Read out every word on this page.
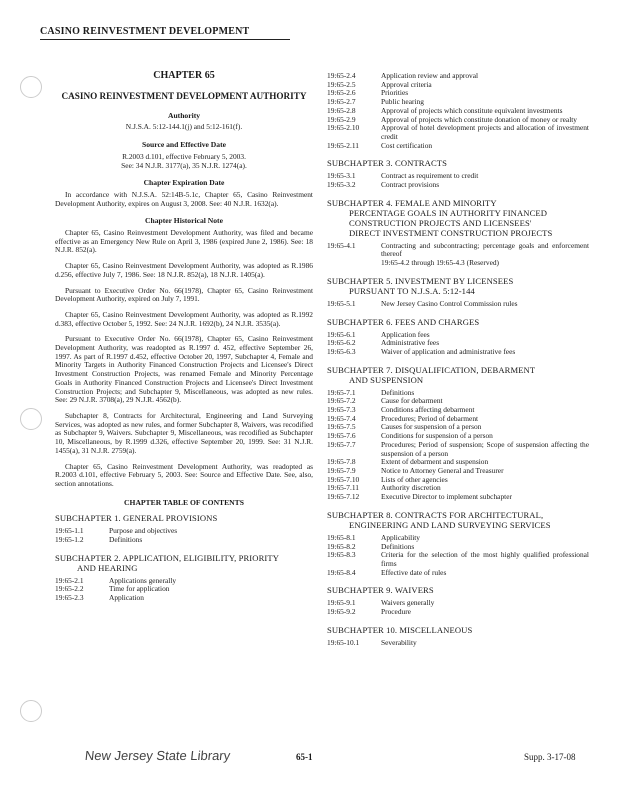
CASINO REINVESTMENT DEVELOPMENT
CHAPTER 65
CASINO REINVESTMENT DEVELOPMENT AUTHORITY
Authority
N.J.S.A. 5:12-144.1(j) and 5:12-161(f).
Source and Effective Date
R.2003 d.101, effective February 5, 2003.
See: 34 N.J.R. 3177(a), 35 N.J.R. 1274(a).
Chapter Expiration Date

In accordance with N.J.S.A. 52:14B-5.1c, Chapter 65, Casino Reinvestment Development Authority, expires on August 3, 2008. See: 40 N.J.R. 1632(a).

Chapter Historical Note

Chapter 65, Casino Reinvestment Development Authority, was filed and became effective as an Emergency New Rule on April 3, 1986 (expired June 2, 1986). See: 18 N.J.R. 852(a).

Chapter 65, Casino Reinvestment Development Authority, was adopted as R.1986 d.256, effective July 7, 1986. See: 18 N.J.R. 852(a), 18 N.J.R. 1405(a).

Pursuant to Executive Order No. 66(1978), Chapter 65, Casino Reinvestment Development Authority, expired on July 7, 1991.

Chapter 65, Casino Reinvestment Development Authority, was adopted as R.1992 d.383, effective October 5, 1992. See: 24 N.J.R. 1692(b), 24 N.J.R. 3535(a).

Pursuant to Executive Order No. 66(1978), Chapter 65, Casino Reinvestment Development Authority, was readopted as R.1997 d. 452, effective September 26, 1997. As part of R.1997 d.452, effective October 20, 1997, Subchapter 4, Female and Minority Targets in Authority Financed Construction Projects and Licensee's Direct Investment Construction Projects, was renamed Female and Minority Percentage Goals in Authority Financed Construction Projects and Licensee's Direct Investment Construction Projects; and Subchapter 9, Miscellaneous, was adopted as new rules. See: 29 N.J.R. 3708(a), 29 N.J.R. 4562(b).

Subchapter 8, Contracts for Architectural, Engineering and Land Surveying Services, was adopted as new rules, and former Subchapter 8, Waivers, was recodified as Subchapter 9, Waivers. Subchapter 9, Miscellaneous, was recodified as Subchapter 10, Miscellaneous, by R.1999 d.326, effective September 20, 1999. See: 31 N.J.R. 1455(a), 31 N.J.R. 2759(a).

Chapter 65, Casino Reinvestment Development Authority, was readopted as R.2003 d.101, effective February 5, 2003. See: Source and Effective Date. See, also, section annotations.

CHAPTER TABLE OF CONTENTS
SUBCHAPTER 1. GENERAL PROVISIONS
19:65-1.1	Purpose and objectives
19:65-1.2	Definitions
SUBCHAPTER 2. APPLICATION, ELIGIBILITY, PRIORITY
AND HEARING
19:65-2.1	Applications generally
19:65-2.2	Time for application
19:65-2.3	Application
19:65-2.4	Application review and approval
19:65-2.5	Approval criteria
19:65-2.6	Priorities
19:65-2.7	Public hearing
19:65-2.8	Approval of projects which constitute equivalent investments
19:65-2.9	Approval of projects which constitute donation of money or realty
19:65-2.10	Approval of hotel development projects and allocation of investment credit
19:65-2.11	Cost certification
SUBCHAPTER 3. CONTRACTS
19:65-3.1	Contract as requirement to credit
19:65-3.2	Contract provisions
SUBCHAPTER 4. FEMALE AND MINORITY
PERCENTAGE GOALS IN AUTHORITY FINANCED
CONSTRUCTION PROJECTS AND LICENSEES'
DIRECT INVESTMENT CONSTRUCTION PROJECTS
19:65-4.1	Contracting and subcontracting; percentage goals and enforcement thereof
19:65-4.2 through 19:65-4.3 (Reserved)
SUBCHAPTER 5. INVESTMENT BY LICENSEES
PURSUANT TO N.J.S.A. 5:12-144
19:65-5.1	New Jersey Casino Control Commission rules
SUBCHAPTER 6. FEES AND CHARGES
19:65-6.1	Application fees
19:65-6.2	Administrative fees
19:65-6.3	Waiver of application and administrative fees
SUBCHAPTER 7. DISQUALIFICATION, DEBARMENT
AND SUSPENSION
19:65-7.1	Definitions
19:65-7.2	Cause for debarment
19:65-7.3	Conditions affecting debarment
19:65-7.4	Procedures; Period of debarment
19:65-7.5	Causes for suspension of a person
19:65-7.6	Conditions for suspension of a person
19:65-7.7	Procedures; Period of suspension; Scope of suspension affecting the suspension of a person
19:65-7.8	Extent of debarment and suspension
19:65-7.9	Notice to Attorney General and Treasurer
19:65-7.10	Lists of other agencies
19:65-7.11	Authority discretion
19:65-7.12	Executive Director to implement subchapter
SUBCHAPTER 8. CONTRACTS FOR ARCHITECTURAL,
ENGINEERING AND LAND SURVEYING SERVICES
19:65-8.1	Applicability
19:65-8.2	Definitions
19:65-8.3	Criteria for the selection of the most highly qualified professional firms
19:65-8.4	Effective date of rules
SUBCHAPTER 9. WAIVERS
19:65-9.1	Waivers generally
19:65-9.2	Procedure
SUBCHAPTER 10. MISCELLANEOUS
19:65-10.1	Severability
New Jersey State Library	65-1	Supp. 3-17-08
